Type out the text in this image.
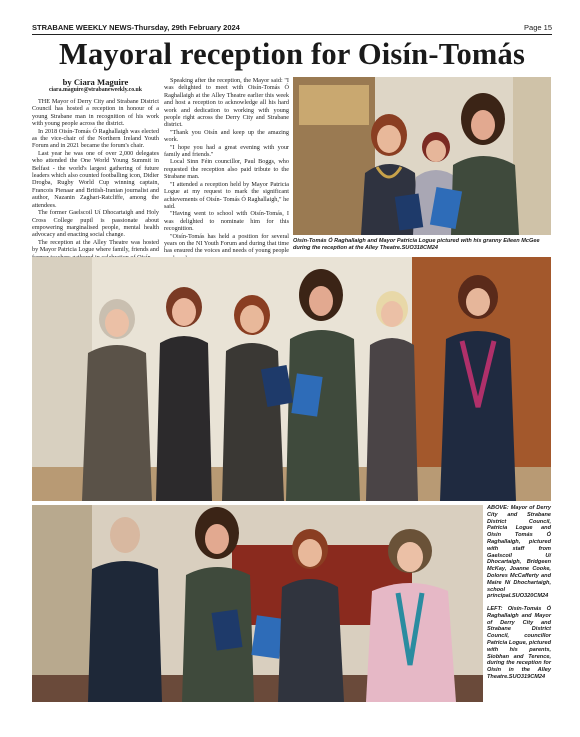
STRABANE WEEKLY NEWS-Thursday, 29th February 2024	Page 15
Mayoral reception for Oisín-Tomás

by Ciara Maguire

ciara.maguire@strabaneweekly.co.uk

THE Mayor of Derry City and Strabane District Council has hosted a reception in honour of a young Strabane man in recognition of his work with young people across the district.

In 2018 Oisín-Tomás Ó Raghallaigh was elected as the vice-chair of the Northern Ireland Youth Forum and in 2021 became the forum's chair.

Last year he was one of over 2,000 delegates who attended the One World Young Summit in Belfast - the world's largest gathering of future leaders which also counted footballing icon, Didier Drogba, Rugby World Cup winning captain, Francois Pienaar and British-Iranian journalist and author, Nazanin Zaghari-Ratcliffe, among the attendees.

The former Gaelscoil Uí Dhocartaigh and Holy Cross College pupil is passionate about empowering marginalised people, mental health advocacy and enacting social change.

The reception at the Alley Theatre was hosted by Mayor Patricia Logue where family, friends and

Speaking after the reception, the Mayor said: "I was delighted to meet with Oisín-Tomás Ó Raghallaigh at the Alley Theatre earlier this week and host a reception to acknowledge all his hard work and dedication to working with young people right across the Derry City and Strabane district.

"Thank you Oisín and keep up the amazing work.

"I hope you had a great evening with your family and friends."

Local Sinn Féin councillor, Paul Boggs, who requested the reception also paid tribute to the Strabane man.

"I attended a reception held by Mayor Patricia Logue at my request to mark the significant achievements of Oisín- Tomás Ó Raghallaigh," he said.

"Having went to school with Oisín-Tomás, I was delighted to nominate him for this recognition.

"Oisín-Tomás has held a position for several years on the NI Youth Forum and during that time has ensured the voices and needs of young people

Oisín-Tomás Ó Raghallaigh and Mayor Patricia Logue pictured with his granny Eileen McGee during the reception at the Alley Theatre.SUO318CM24
ABOVE: Mayor of Derry City and Strabane District Council, Patricia Logue and Oisín Tomás Ó Raghallaigh, pictured with staff from Gaelscoil Uí Dhocartaigh, Bridgeen McKay, Joanne Cooke, Dolores McCafferty and Maire Ní Dhochartaigh, school principal.SUO320CM24
LEFT: Oisín-Tomás Ó Raghallaigh and Mayor of Derry City and Strabane District Council, councillor Patricia Logue, pictured with his parents, Siobhan and Terence, during the reception for Oisín in the Alley Theatre.SUO319CM24
